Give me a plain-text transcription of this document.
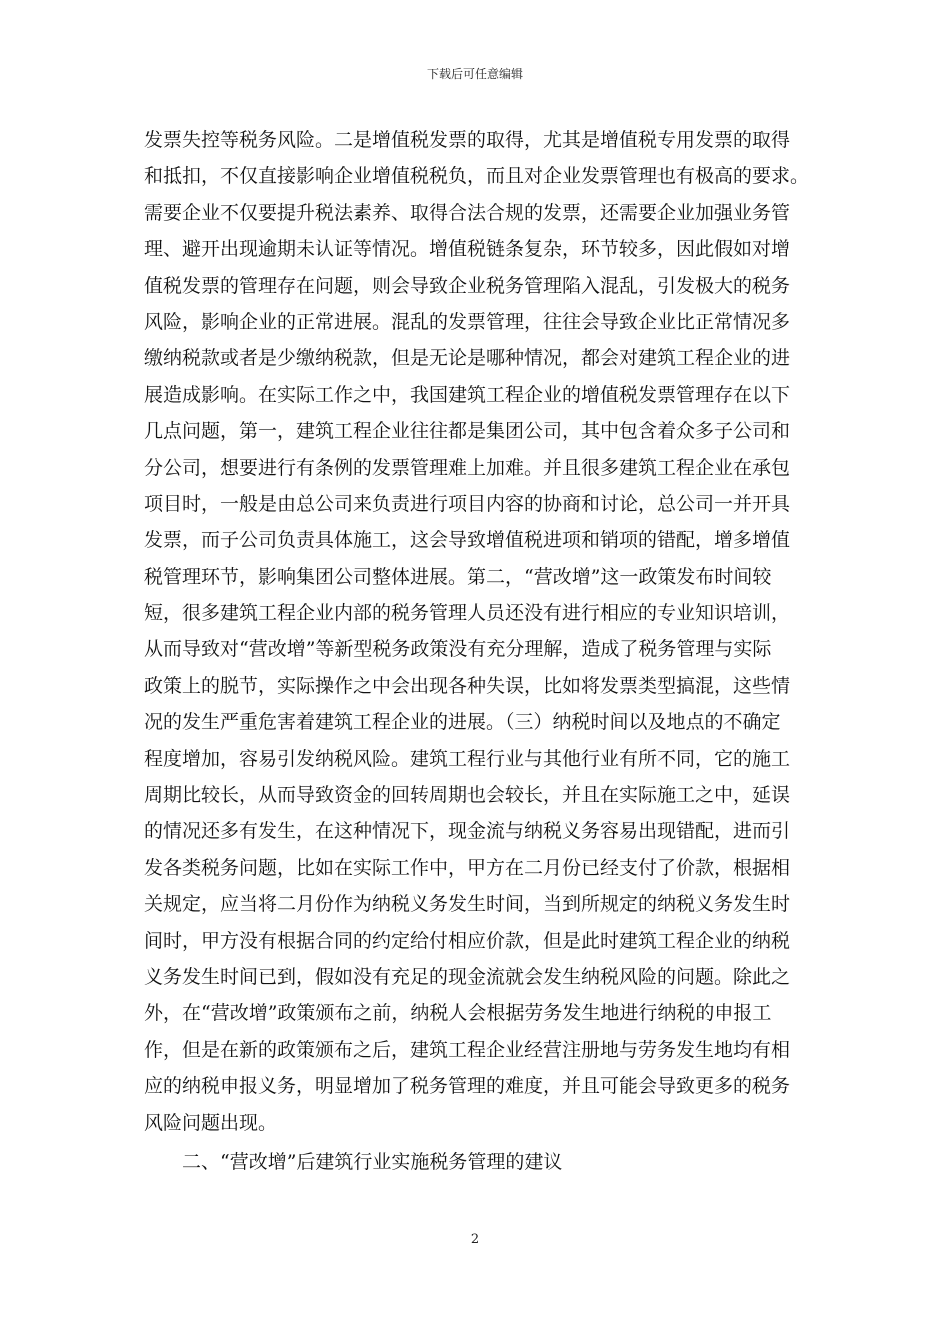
下载后可任意编辑
发票失控等税务风险。二是增值税发票的取得，尤其是增值税专用发票的取得
和抵扣，不仅直接影响企业增值税税负，而且对企业发票管理也有极高的要求。
需要企业不仅要提升税法素养、取得合法合规的发票，还需要企业加强业务管
理、避开出现逾期未认证等情况。增值税链条复杂，环节较多，因此假如对增
值税发票的管理存在问题，则会导致企业税务管理陷入混乱，引发极大的税务
风险，影响企业的正常进展。混乱的发票管理，往往会导致企业比正常情况多
缴纳税款或者是少缴纳税款，但是无论是哪种情况，都会对建筑工程企业的进
展造成影响。在实际工作之中，我国建筑工程企业的增值税发票管理存在以下
几点问题，第一，建筑工程企业往往都是集团公司，其中包含着众多子公司和
分公司，想要进行有条例的发票管理难上加难。并且很多建筑工程企业在承包
项目时，一般是由总公司来负责进行项目内容的协商和讨论，总公司一并开具
发票，而子公司负责具体施工，这会导致增值税进项和销项的错配，增多增值
税管理环节，影响集团公司整体进展。第二，“营改增”这一政策发布时间较
短，很多建筑工程企业内部的税务管理人员还没有进行相应的专业知识培训，
从而导致对“营改增”等新型税务政策没有充分理解，造成了税务管理与实际
政策上的脱节，实际操作之中会出现各种失误，比如将发票类型搞混，这些情
况的发生严重危害着建筑工程企业的进展。（三）纳税时间以及地点的不确定
程度增加，容易引发纳税风险。建筑工程行业与其他行业有所不同，它的施工
周期比较长，从而导致资金的回转周期也会较长，并且在实际施工之中，延误
的情况还多有发生，在这种情况下，现金流与纳税义务容易出现错配，进而引
发各类税务问题，比如在实际工作中，甲方在二月份已经支付了价款，根据相
关规定，应当将二月份作为纳税义务发生时间，当到所规定的纳税义务发生时
间时，甲方没有根据合同的约定给付相应价款，但是此时建筑工程企业的纳税
义务发生时间已到，假如没有充足的现金流就会发生纳税风险的问题。除此之
外，在“营改增”政策颁布之前，纳税人会根据劳务发生地进行纳税的申报工
作，但是在新的政策颁布之后，建筑工程企业经营注册地与劳务发生地均有相
应的纳税申报义务，明显增加了税务管理的难度，并且可能会导致更多的税务
风险问题出现。
二、“营改增”后建筑行业实施税务管理的建议
2
